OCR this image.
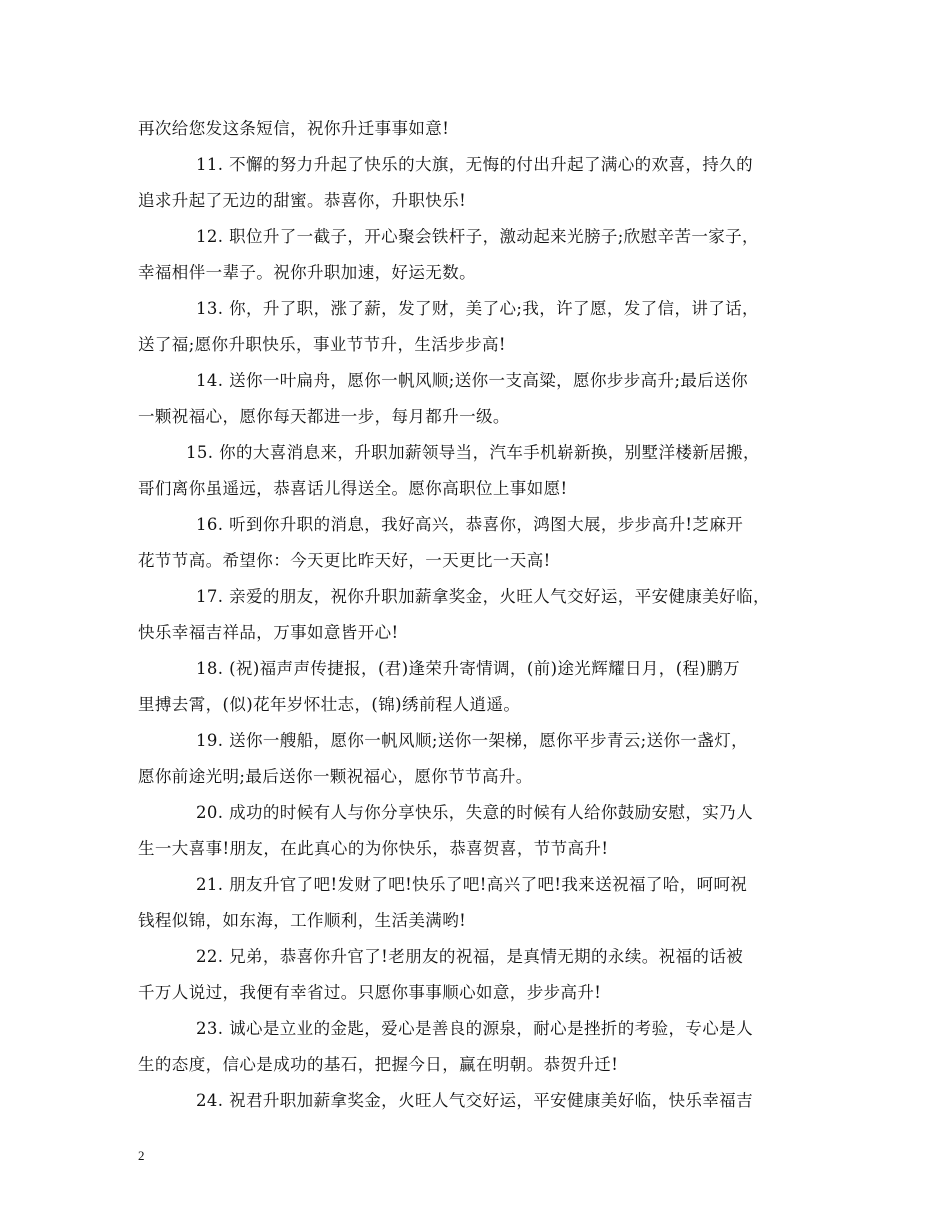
再次给您发这条短信，祝你升迁事事如意!
11. 不懈的努力升起了快乐的大旗，无悔的付出升起了满心的欢喜，持久的
追求升起了无边的甜蜜。恭喜你，升职快乐!
12. 职位升了一截子，开心聚会铁杆子，激动起来光膀子;欣慰辛苦一家子，
幸福相伴一辈子。祝你升职加速，好运无数。
13. 你，升了职，涨了薪，发了财，美了心;我，许了愿，发了信，讲了话，
送了福;愿你升职快乐，事业节节升，生活步步高!
14. 送你一叶扁舟，愿你一帆风顺;送你一支高粱，愿你步步高升;最后送你
一颗祝福心，愿你每天都进一步，每月都升一级。
15. 你的大喜消息来，升职加薪领导当，汽车手机崭新换，别墅洋楼新居搬，
哥们离你虽遥远，恭喜话儿得送全。愿你高职位上事如愿!
16. 听到你升职的消息，我好高兴，恭喜你，鸿图大展，步步高升!芝麻开
花节节高。希望你：今天更比昨天好，一天更比一天高!
17. 亲爱的朋友，祝你升职加薪拿奖金，火旺人气交好运，平安健康美好临，
快乐幸福吉祥品，万事如意皆开心!
18. (祝)福声声传捷报，(君)逢荣升寄情调，(前)途光辉耀日月，(程)鹏万
里搏去霄，(似)花年岁怀壮志，(锦)绣前程人逍遥。
19. 送你一艘船，愿你一帆风顺;送你一架梯，愿你平步青云;送你一盏灯，
愿你前途光明;最后送你一颗祝福心，愿你节节高升。
20. 成功的时候有人与你分享快乐，失意的时候有人给你鼓励安慰，实乃人
生一大喜事!朋友，在此真心的为你快乐，恭喜贺喜，节节高升!
21. 朋友升官了吧!发财了吧!快乐了吧!高兴了吧!我来送祝福了哈，呵呵祝
钱程似锦，如东海，工作顺利，生活美满哟!
22. 兄弟，恭喜你升官了!老朋友的祝福，是真情无期的永续。祝福的话被
千万人说过，我便有幸省过。只愿你事事顺心如意，步步高升!
23. 诚心是立业的金匙，爱心是善良的源泉，耐心是挫折的考验，专心是人
生的态度，信心是成功的基石，把握今日，赢在明朝。恭贺升迁!
24. 祝君升职加薪拿奖金，火旺人气交好运，平安健康美好临，快乐幸福吉
2
